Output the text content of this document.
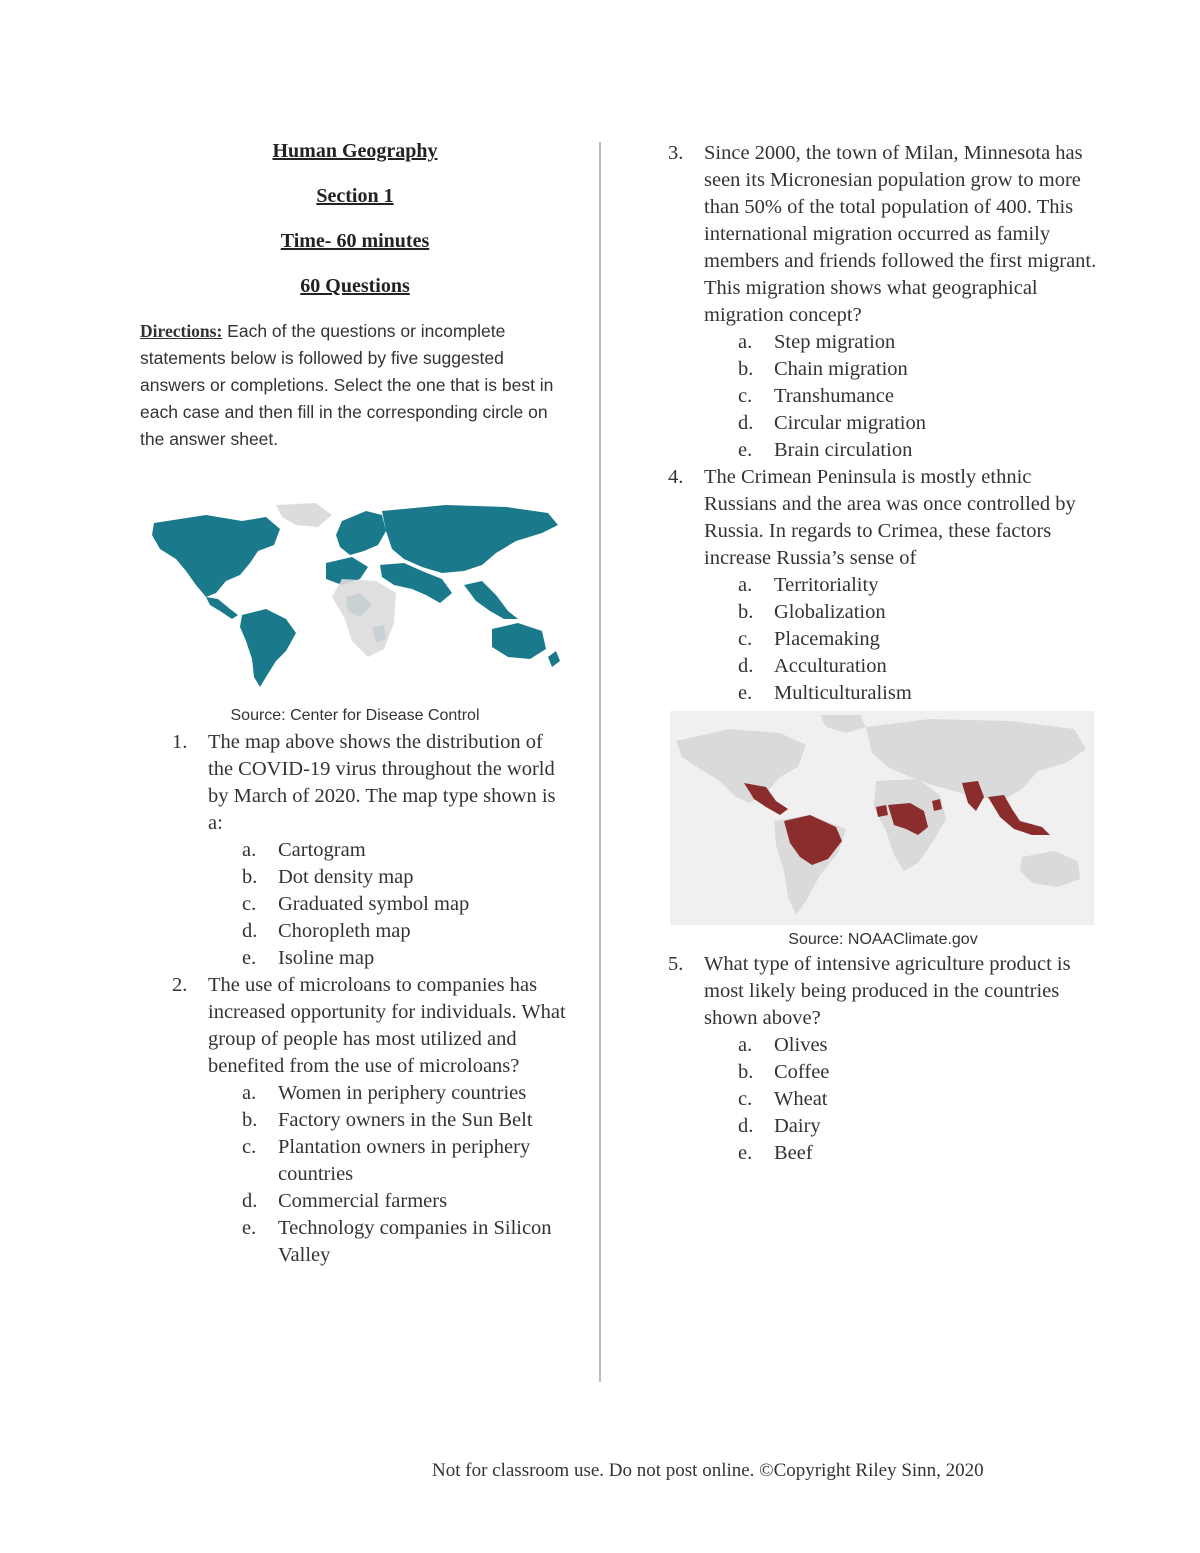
Human Geography
Section 1
Time- 60 minutes
60 Questions
Directions: Each of the questions or incomplete statements below is followed by five suggested answers or completions. Select the one that is best in each case and then fill in the corresponding circle on the answer sheet.
Source: Center for Disease Control
1.	The map above shows the distribution of the COVID-19 virus throughout the world by March of 2020. The map type shown is a:
a.	Cartogram
b.	Dot density map
c.	Graduated symbol map
d.	Choropleth map
e.	Isoline map
2.	The use of microloans to companies has increased opportunity for individuals. What group of people has most utilized and benefited from the use of microloans?
a.	Women in periphery countries
b.	Factory owners in the Sun Belt
c.	Plantation owners in periphery countries
d.	Commercial farmers
e.	Technology companies in Silicon Valley
3.	Since 2000, the town of Milan, Minnesota has seen its Micronesian population grow to more than 50% of the total population of 400. This international migration occurred as family members and friends followed the first migrant. This migration shows what geographical migration concept?
a.	Step migration
b.	Chain migration
c.	Transhumance
d.	Circular migration
e.	Brain circulation
4.	The Crimean Peninsula is mostly ethnic Russians and the area was once controlled by Russia. In regards to Crimea, these factors increase Russia’s sense of
a.	Territoriality
b.	Globalization
c.	Placemaking
d.	Acculturation
e.	Multiculturalism
Source: NOAAClimate.gov
5.	What type of intensive agriculture product is most likely being produced in the countries shown above?
a.	Olives
b.	Coffee
c.	Wheat
d.	Dairy
e.	Beef
Not for classroom use. Do not post online. ©Copyright Riley Sinn, 2020
